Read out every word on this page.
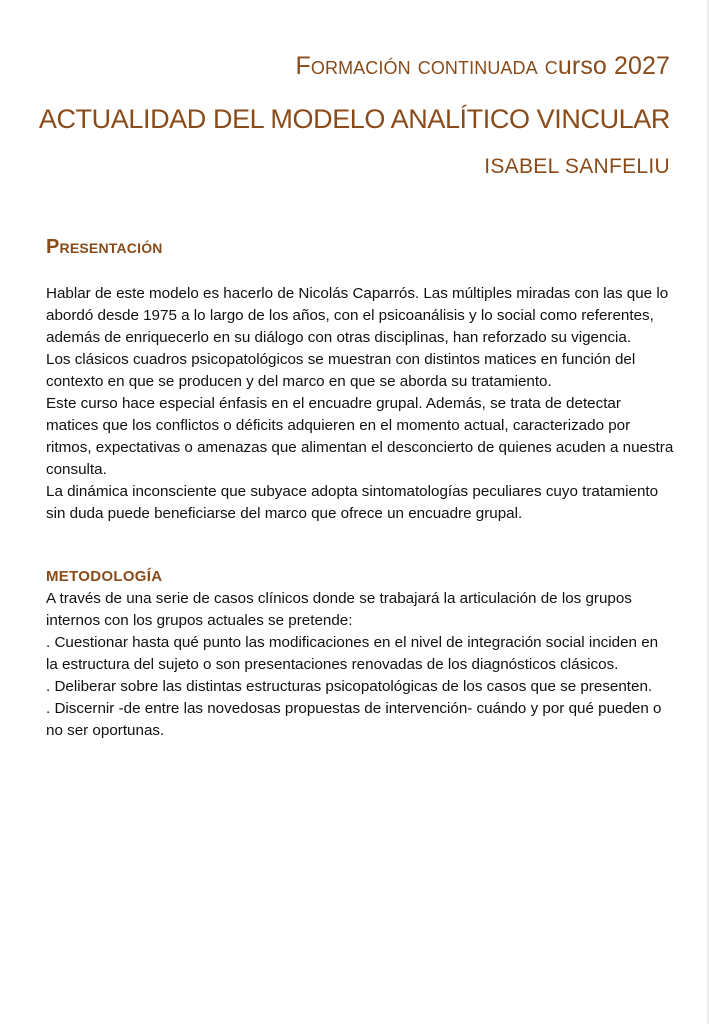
Formación continuada curso 2027
ACTUALIDAD DEL MODELO ANALÍTICO VINCULAR
ISABEL SANFELIU
Presentación

Hablar de este modelo es hacerlo de Nicolás Caparrós. Las múltiples miradas con las que lo abordó desde 1975 a lo largo de los años, con el psicoanálisis y lo social como referentes, además de enriquecerlo en su diálogo con otras disciplinas, han reforzado su vigencia.

Los clásicos cuadros psicopatológicos se muestran con distintos matices en función del contexto en que se producen y del marco en que se aborda su tratamiento.

Este curso hace especial énfasis en el encuadre grupal. Además, se trata de detectar matices que los conflictos o déficits adquieren en el momento actual, caracterizado por ritmos, expectativas o amenazas que alimentan el desconcierto de quienes acuden a nuestra consulta.

La dinámica inconsciente que subyace adopta sintomatologías peculiares cuyo tratamiento sin duda puede beneficiarse del marco que ofrece un encuadre grupal.

METODOLOGÍA

A través de una serie de casos clínicos donde se trabajará la articulación de los grupos internos con los grupos actuales se pretende:

. Cuestionar hasta qué punto las modificaciones en el nivel de integración social inciden en la estructura del sujeto o son presentaciones renovadas de los diagnósticos clásicos.

. Deliberar sobre las distintas estructuras psicopatológicas de los casos que se presenten.

. Discernir -de entre las novedosas propuestas de intervención- cuándo y por qué pueden o no ser oportunas.
